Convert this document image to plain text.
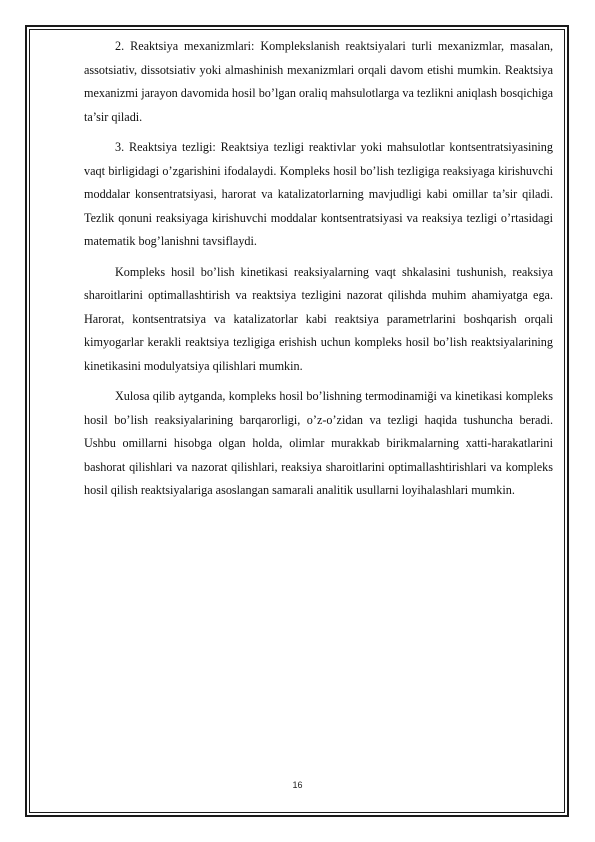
2. Reaktsiya mexanizmlari: Komplekslanish reaktsiyalari turli mexanizmlar, masalan, assotsiativ, dissotsiativ yoki almashinish mexanizmlari orqali davom etishi mumkin. Reaktsiya mexanizmi jarayon davomida hosil bo’lgan oraliq mahsulotlarga va tezlikni aniqlash bosqichiga ta’sir qiladi.

3. Reaktsiya tezligi: Reaktsiya tezligi reaktivlar yoki mahsulotlar kontsentratsiyasining vaqt birligidagi o’zgarishini ifodalaydi. Kompleks hosil bo’lish tezligiga reaksiyaga kirishuvchi moddalar konsentratsiyasi, harorat va katalizatorlarning mavjudligi kabi omillar ta’sir qiladi. Tezlik qonuni reaksiyaga kirishuvchi moddalar kontsentratsiyasi va reaksiya tezligi o’rtasidagi matematik bog’lanishni tavsiflaydi.

Kompleks hosil bo’lish kinetikasi reaksiyalarning vaqt shkalasini tushunish, reaksiya sharoitlarini optimallashtirish va reaktsiya tezligini nazorat qilishda muhim ahamiyatga ega. Harorat, kontsentratsiya va katalizatorlar kabi reaktsiya parametrlarini boshqarish orqali kimyogarlar kerakli reaktsiya tezligiga erishish uchun kompleks hosil bo’lish reaktsiyalarining kinetikasini modulyatsiya qilishlari mumkin.

Xulosa qilib aytganda, kompleks hosil bo’lishning termodinamiği va kinetikasi kompleks hosil bo’lish reaksiyalarining barqarorligi, o’z-o’zidan va tezligi haqida tushuncha beradi. Ushbu omillarni hisobga olgan holda, olimlar murakkab birikmalarning xatti-harakatlarini bashorat qilishlari va nazorat qilishlari, reaksiya sharoitlarini optimallashtirishlari va kompleks hosil qilish reaktsiyalariga asoslangan samarali analitik usullarni loyihalashlari mumkin.

16
